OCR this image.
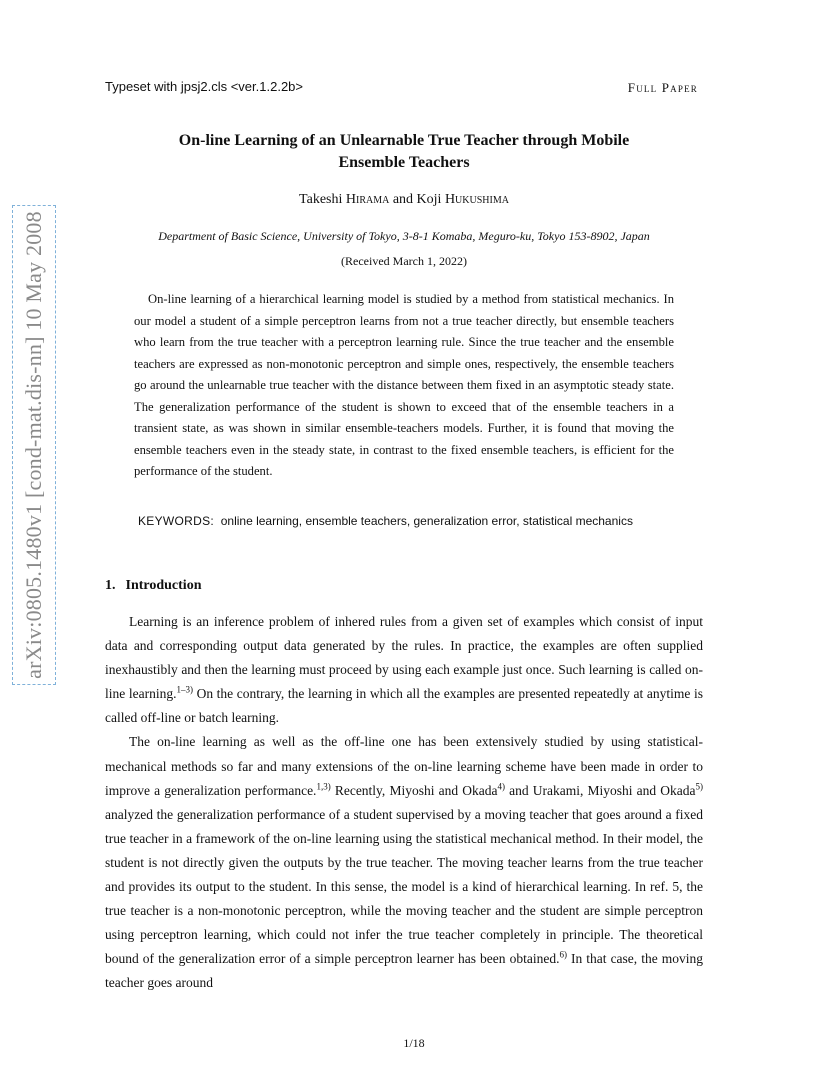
arXiv:0805.1480v1 [cond-mat.dis-nn] 10 May 2008
Typeset with jpsj2.cls <ver.1.2.2b>	Full Paper
On-line Learning of an Unlearnable True Teacher through Mobile
Ensemble Teachers
Takeshi Hirama and Koji Hukushima
Department of Basic Science, University of Tokyo, 3-8-1 Komaba, Meguro-ku, Tokyo 153-8902, Japan
(Received March 1, 2022)
On-line learning of a hierarchical learning model is studied by a method from statistical mechanics. In our model a student of a simple perceptron learns from not a true teacher directly, but ensemble teachers who learn from the true teacher with a perceptron learning rule. Since the true teacher and the ensemble teachers are expressed as non-monotonic perceptron and simple ones, respectively, the ensemble teachers go around the unlearnable true teacher with the distance between them fixed in an asymptotic steady state. The generalization performance of the student is shown to exceed that of the ensemble teachers in a transient state, as was shown in similar ensemble-teachers models. Further, it is found that moving the ensemble teachers even in the steady state, in contrast to the fixed ensemble teachers, is efficient for the performance of the student.
KEYWORDS: online learning, ensemble teachers, generalization error, statistical mechanics
1. Introduction

Learning is an inference problem of inhered rules from a given set of examples which consist of input data and corresponding output data generated by the rules. In practice, the examples are often supplied inexhaustibly and then the learning must proceed by using each example just once. Such learning is called on-line learning.$^{1-3)}$ On the contrary, the learning in which all the examples are presented repeatedly at anytime is called off-line or batch learning.

The on-line learning as well as the off-line one has been extensively studied by using statistical-mechanical methods so far and many extensions of the on-line learning scheme have been made in order to improve a generalization performance.$^{1,3)}$ Recently, Miyoshi and Okada$^{4)}$ and Urakami, Miyoshi and Okada$^{5)}$ analyzed the generalization performance of a student supervised by a moving teacher that goes around a fixed true teacher in a framework of the on-line learning using the statistical mechanical method. In their model, the student is not directly given the outputs by the true teacher. The moving teacher learns from the true teacher and provides its output to the student. In this sense, the model is a kind of hierarchical learning. In ref. 5, the true teacher is a non-monotonic perceptron, while the moving teacher and the student are simple perceptron using perceptron learning, which could not infer the true teacher completely in principle. The theoretical bound of the generalization error of a simple perceptron learner has been obtained.$^{6)}$ In that case, the moving teacher goes around

1/18
